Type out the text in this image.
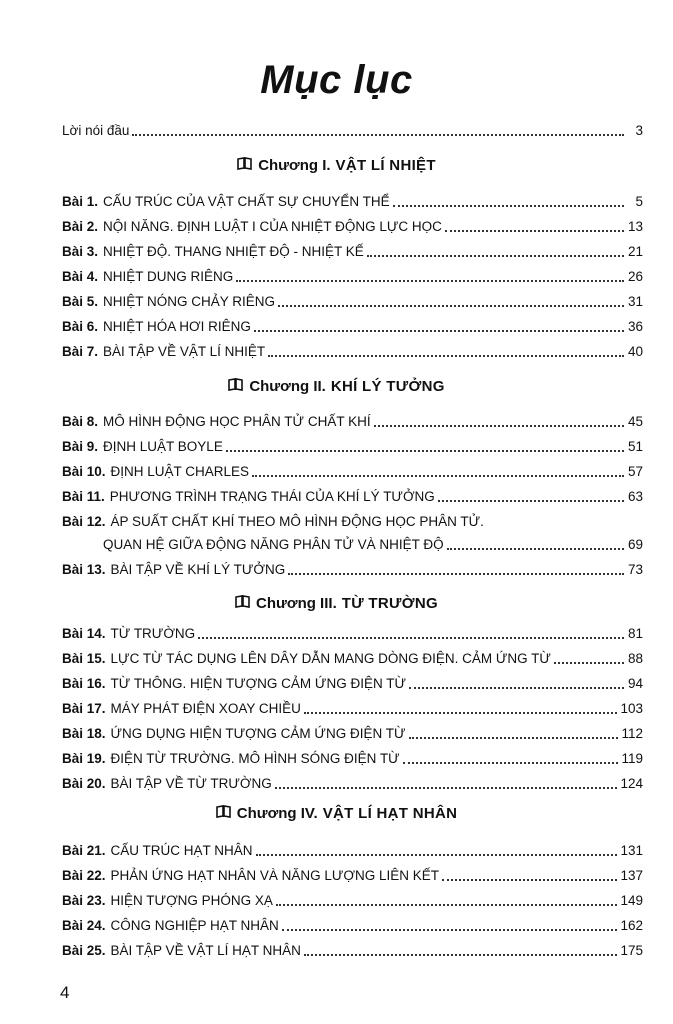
Mục lục
Lời nói đầu	3
Chương I. VẬT LÍ NHIỆT
Bài 1. CẤU TRÚC CỦA VẬT CHẤT SỰ CHUYỂN THỂ	5
Bài 2. NỘI NĂNG. ĐỊNH LUẬT I CỦA NHIỆT ĐỘNG LỰC HỌC	13
Bài 3. NHIỆT ĐỘ. THANG NHIỆT ĐỘ - NHIỆT KẾ	21
Bài 4. NHIỆT DUNG RIÊNG	26
Bài 5. NHIỆT NÓNG CHẢY RIÊNG	31
Bài 6. NHIỆT HÓA HƠI RIÊNG	36
Bài 7. BÀI TẬP VỀ VẬT LÍ NHIỆT	40
Chương II. KHÍ LÝ TƯỞNG
Bài 8. MÔ HÌNH ĐỘNG HỌC PHÂN TỬ CHẤT KHÍ	45
Bài 9. ĐỊNH LUẬT BOYLE	51
Bài 10. ĐỊNH LUẬT CHARLES	57
Bài 11. PHƯƠNG TRÌNH TRẠNG THÁI CỦA KHÍ LÝ TƯỞNG	63
Bài 12. ÁP SUẤT CHẤT KHÍ THEO MÔ HÌNH ĐỘNG HỌC PHÂN TỬ.
QUAN HỆ GIỮA ĐỘNG NĂNG PHÂN TỬ VÀ NHIỆT ĐỘ	69
Bài 13. BÀI TẬP VỀ KHÍ LÝ TƯỞNG	73
Chương III. TỪ TRƯỜNG
Bài 14. TỪ TRƯỜNG	81
Bài 15. LỰC TỪ TÁC DỤNG LÊN DÂY DẪN MANG DÒNG ĐIỆN. CẢM ỨNG TỪ	88
Bài 16. TỪ THÔNG. HIỆN TƯỢNG CẢM ỨNG ĐIỆN TỪ	94
Bài 17. MÁY PHÁT ĐIỆN XOAY CHIỀU	103
Bài 18. ỨNG DỤNG HIỆN TƯỢNG CẢM ỨNG ĐIỆN TỪ	112
Bài 19. ĐIỆN TỪ TRƯỜNG. MÔ HÌNH SÓNG ĐIỆN TỪ	119
Bài 20. BÀI TẬP VỀ TỪ TRƯỜNG	124
Chương IV. VẬT LÍ HẠT NHÂN
Bài 21. CẤU TRÚC HẠT NHÂN	131
Bài 22. PHẢN ỨNG HẠT NHÂN VÀ NĂNG LƯỢNG LIÊN KẾT	137
Bài 23. HIỆN TƯỢNG PHÓNG XẠ	149
Bài 24. CÔNG NGHIỆP HẠT NHÂN	162
Bài 25. BÀI TẬP VỀ VẬT LÍ HẠT NHÂN	175
4
